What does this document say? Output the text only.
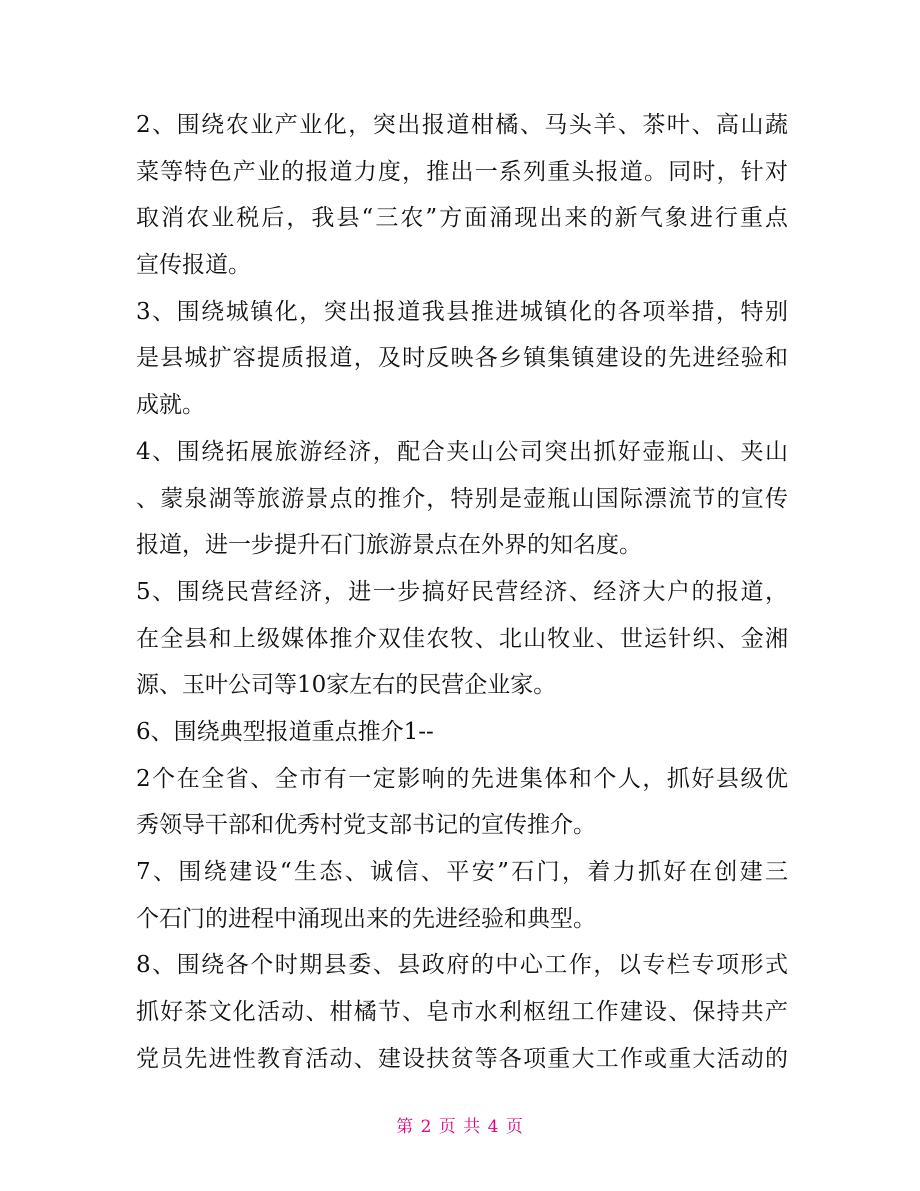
2、围绕农业产业化，突出报道柑橘、马头羊、茶叶、高山蔬
菜等特色产业的报道力度，推出一系列重头报道。同时，针对
取消农业税后，我县“三农”方面涌现出来的新气象进行重点
宣传报道。
3、围绕城镇化，突出报道我县推进城镇化的各项举措，特别
是县城扩容提质报道，及时反映各乡镇集镇建设的先进经验和
成就。
4、围绕拓展旅游经济，配合夹山公司突出抓好壶瓶山、夹山
、蒙泉湖等旅游景点的推介，特别是壶瓶山国际漂流节的宣传
报道，进一步提升石门旅游景点在外界的知名度。
5、围绕民营经济，进一步搞好民营经济、经济大户的报道，
在全县和上级媒体推介双佳农牧、北山牧业、世运针织、金湘
源、玉叶公司等10家左右的民营企业家。
6、围绕典型报道重点推介1--
2个在全省、全市有一定影响的先进集体和个人，抓好县级优
秀领导干部和优秀村党支部书记的宣传推介。
7、围绕建设“生态、诚信、平安”石门，着力抓好在创建三
个石门的进程中涌现出来的先进经验和典型。
8、围绕各个时期县委、县政府的中心工作，以专栏专项形式
抓好茶文化活动、柑橘节、皂市水利枢纽工作建设、保持共产
党员先进性教育活动、建设扶贫等各项重大工作或重大活动的
第 2 页 共 4 页
